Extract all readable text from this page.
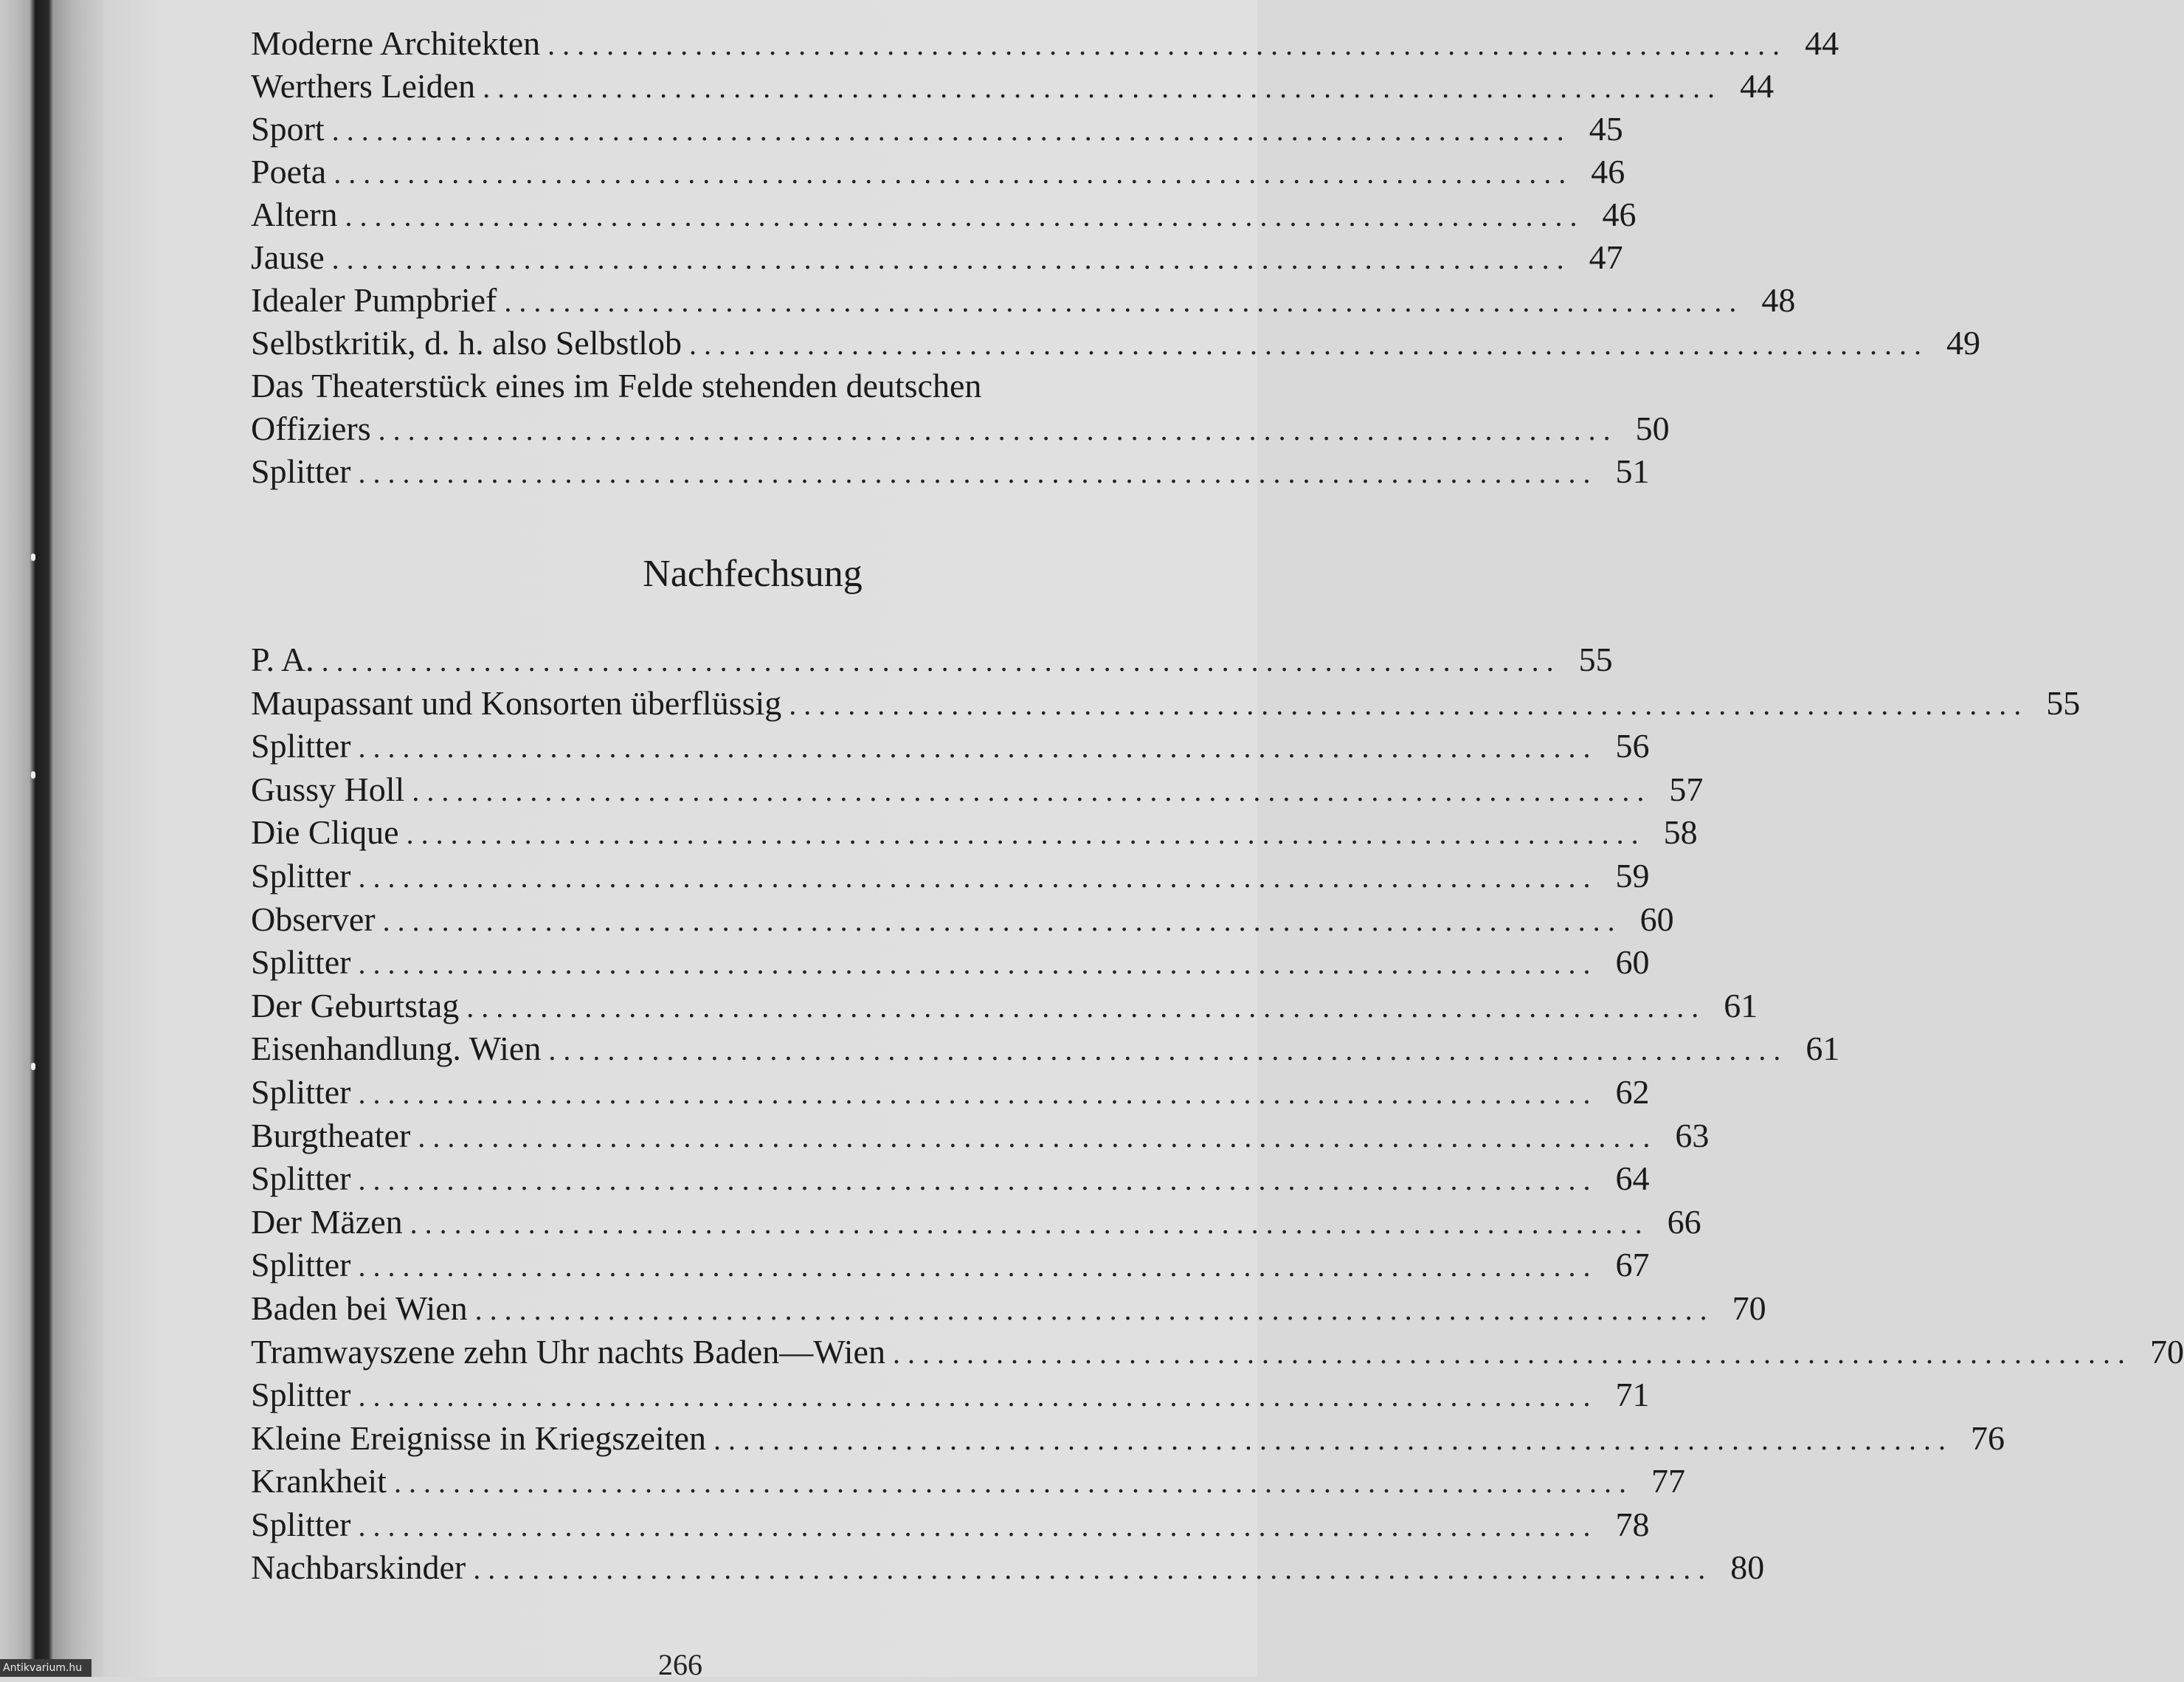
Moderne Architekten . . .	44
Werthers Leiden . . .	44
Sport . . .	45
Poeta . . .	46
Altern . . .	46
Jause . . .	47
Idealer Pumpbrief . . .	48
Selbstkritik, d. h. also Selbstlob . . .	49
Das Theaterstück eines im Felde stehenden deutschen
Offiziers . . .	50
Splitter . . .	51
Nachfechsung
P. A. . . .	55
Maupassant und Konsorten überflüssig . . .	55
Splitter . . .	56
Gussy Holl . . .	57
Die Clique . . .	58
Splitter . . .	59
Observer . . .	60
Splitter . . .	60
Der Geburtstag . . .	61
Eisenhandlung. Wien . . .	61
Splitter . . .	62
Burgtheater . . .	63
Splitter . . .	64
Der Mäzen . . .	66
Splitter . . .	67
Baden bei Wien . . .	70
Tramwayszene zehn Uhr nachts Baden—Wien . . .	70
Splitter . . .	71
Kleine Ereignisse in Kriegszeiten . . .	76
Krankheit . . .	77
Splitter . . .	78
Nachbarskinder . . .	80
266
Antikvarium.hu
